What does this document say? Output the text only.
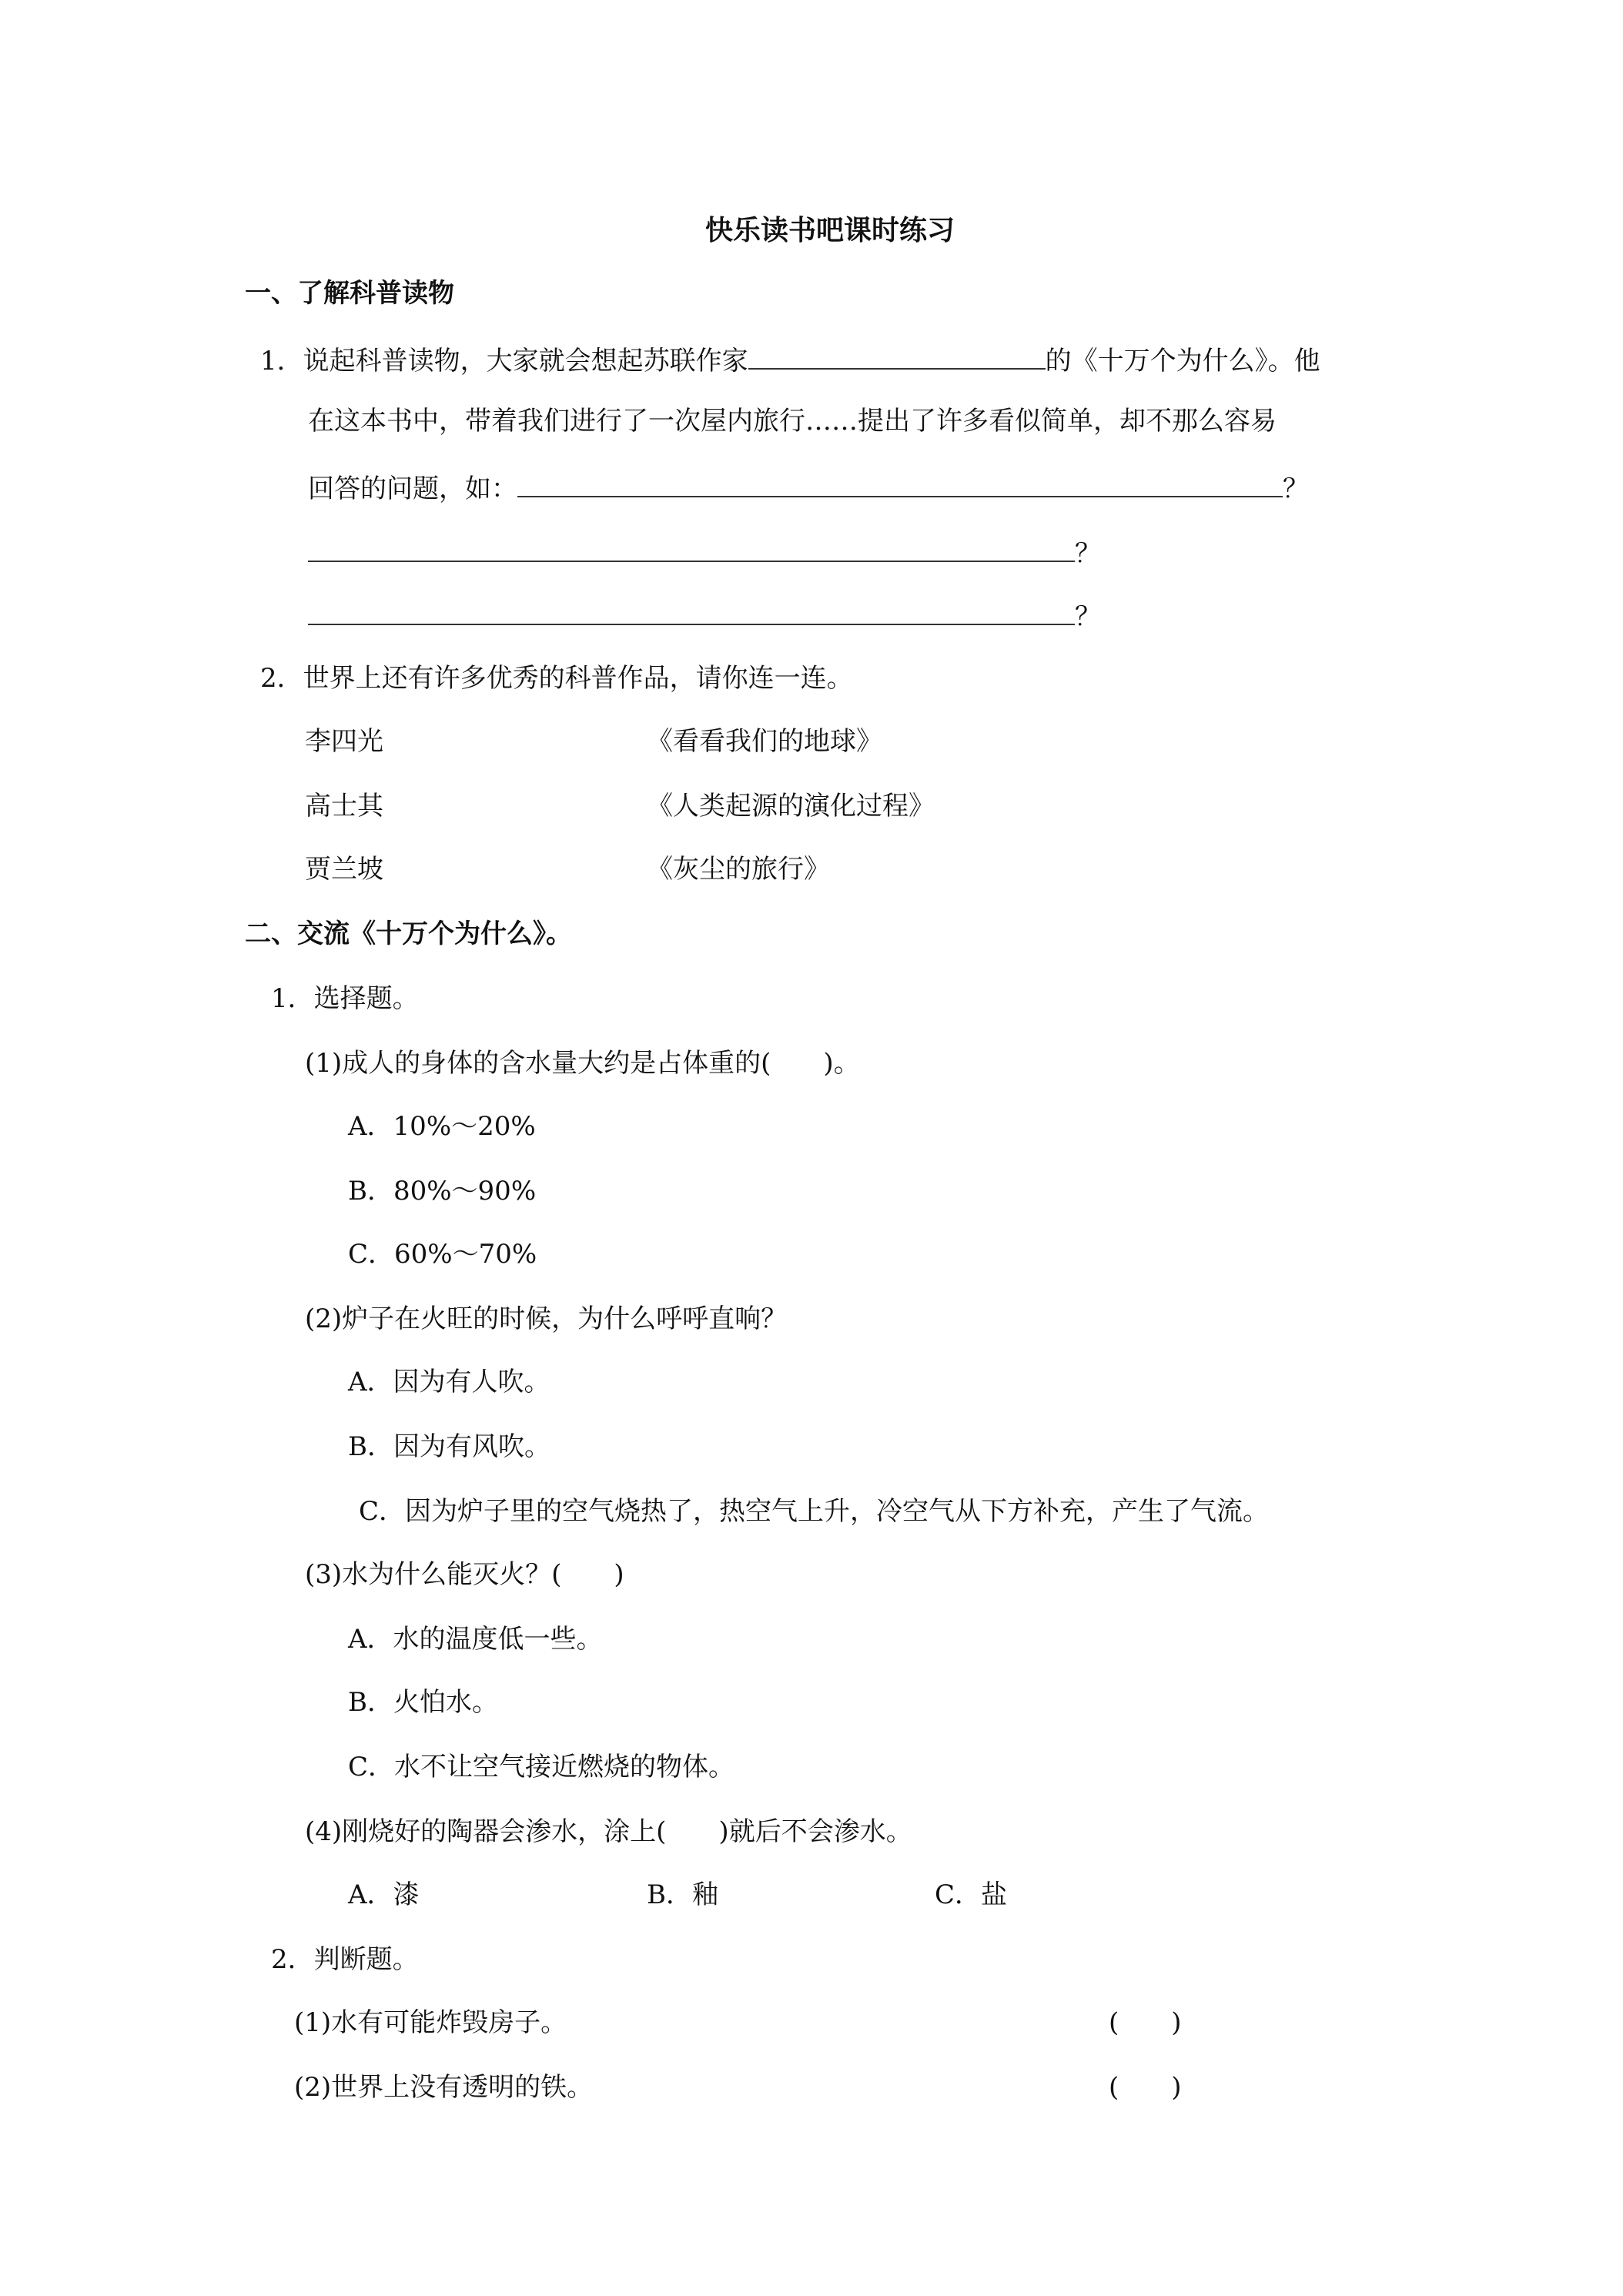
快乐读书吧课时练习
一、了解科普读物
1．说起科普读物，大家就会想起苏联作家	的《十万个为什么》。他
在这本书中，带着我们进行了一次屋内旅行……提出了许多看似简单，却不那么容易
回答的问题，如：	？
？
？
2．世界上还有许多优秀的科普作品，请你连一连。
李四光	《看看我们的地球》
高士其	《人类起源的演化过程》
贾兰坡	《灰尘的旅行》
二、交流《十万个为什么》。
1．选择题。
(1)成人的身体的含水量大约是占体重的(　　)。
A．10%～20%
B．80%～90%
C．60%～70%
(2)炉子在火旺的时候，为什么呼呼直响？
A．因为有人吹。
B．因为有风吹。
C．因为炉子里的空气烧热了，热空气上升，冷空气从下方补充，产生了气流。
(3)水为什么能灭火？(　　)
A．水的温度低一些。
B．火怕水。
C．水不让空气接近燃烧的物体。
(4)刚烧好的陶器会渗水，涂上(　　)就后不会渗水。
A．漆	B．釉	C．盐
2．判断题。
(1)水有可能炸毁房子。	(　　)
(2)世界上没有透明的铁。	(　　)
